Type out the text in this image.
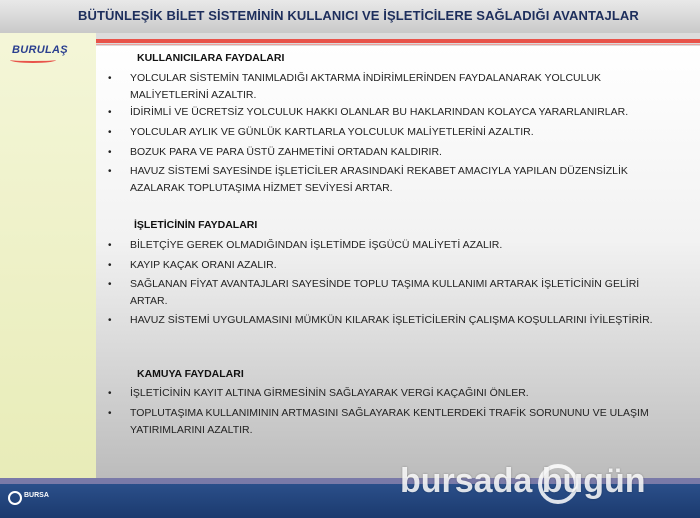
BÜTÜNLEŞİK BİLET SİSTEMİNİN KULLANICI VE İŞLETİCİLERE SAĞLADIĞI AVANTAJLAR
BURULAŞ
KULLANICILARA FAYDALARI
•	YOLCULAR SİSTEMİN TANIMLADIĞI AKTARMA İNDİRİMLERİNDEN FAYDALANARAK YOLCULUK MALİYETLERİNİ AZALTIR.
•	İDİRİMLİ VE ÜCRETSİZ YOLCULUK HAKKI OLANLAR BU HAKLARINDAN KOLAYCA YARARLANIRLAR.
•	YOLCULAR AYLIK VE GÜNLÜK KARTLARLA YOLCULUK MALİYETLERİNİ AZALTIR.
•	BOZUK PARA VE PARA ÜSTÜ ZAHMETİNİ ORTADAN KALDIRIR.
•	HAVUZ SİSTEMİ SAYESİNDE İŞLETİCİLER ARASINDAKİ REKABET AMACIYLA YAPILAN DÜZENSİZLİK AZALARAK TOPLUTAŞIMA HİZMET SEVİYESİ ARTAR.
İŞLETİCİNİN FAYDALARI
•	BİLETÇİYE GEREK OLMADIĞINDAN İŞLETİMDE İŞGÜCÜ MALİYETİ AZALIR.
•	KAYIP KAÇAK ORANI AZALIR.
•	SAĞLANAN FİYAT AVANTAJLARI SAYESİNDE TOPLU TAŞIMA KULLANIMI ARTARAK İŞLETİCİNİN GELİRİ ARTAR.
•	HAVUZ SİSTEMİ UYGULAMASINI MÜMKÜN KILARAK İŞLETİCİLERİN ÇALIŞMA KOŞULLARINI İYİLEŞTİRİR.
KAMUYA FAYDALARI
•	İŞLETİCİNİN KAYIT ALTINA GİRMESİNİN SAĞLAYARAK VERGİ KAÇAĞINI ÖNLER.
•	TOPLUTAŞIMA KULLANIMININ ARTMASINI SAĞLAYARAK KENTLERDEKİ TRAFİK SORUNUNU VE ULAŞIM YATIRIMLARINI AZALTIR.
BURSA	bursada bugün
